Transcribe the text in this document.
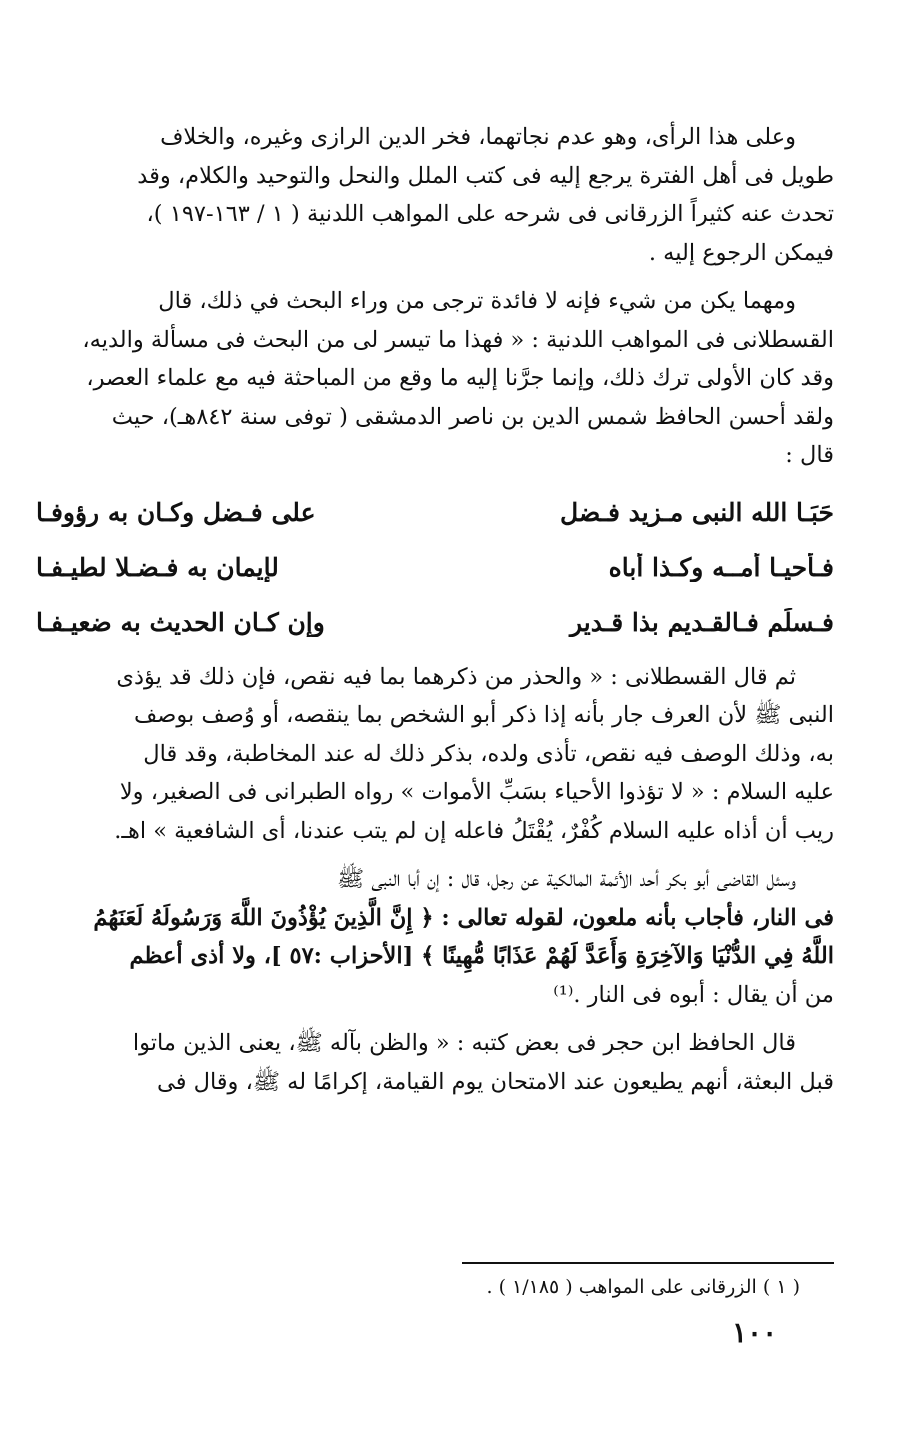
وعلى هذا الرأى، وهو عدم نجاتهما، فخر الدين الرازى وغيره، والخلاف

طويل فى أهل الفترة يرجع إليه فى كتب الملل والنحل والتوحيد والكلام، وقد

تحدث عنه كثيراً الزرقانى فى شرحه على المواهب اللدنية ( ١ / ١٦٣-١٩٧ )،

فيمكن الرجوع إليه .

ومهما يكن من شيء فإنه لا فائدة ترجى من وراء البحث في ذلك، قال

القسطلانى فى المواهب اللدنية : « فهذا ما تيسر لى من البحث فى مسألة والديه،

وقد كان الأولى ترك ذلك، وإنما جرَّنا إليه ما وقع من المباحثة فيه مع علماء العصر،

ولقد أحسن الحافظ شمس الدين بن ناصر الدمشقى ( توفى سنة ٨٤٢هـ)، حيث

قال :

حَبَـا الله النبى مـزيد فـضل
على فـضل وكـان به رؤوفـا
فـأحيـا أمــه وكـذا أباه
لإيمان به فـضـلا لطيـفـا
فـسلِّم فـالقـديم بذا قـدير
وإن كـان الحديث به ضعيـفـا

ثم قال القسطلانى : « والحذر من ذكرهما بما فيه نقص، فإن ذلك قد يؤذى

النبى ﷺ لأن العرف جار بأنه إذا ذكر أبو الشخص بما ينقصه، أو وُصف بوصف

به، وذلك الوصف فيه نقص، تأذى ولده، بذكر ذلك له عند المخاطبة، وقد قال

عليه السلام : « لا تؤذوا الأحياء بسَبِّ الأموات » رواه الطبرانى فى الصغير، ولا

ريب أن أذاه عليه السلام كُفْرٌ، يُقْتَلُ فاعله إن لم يتب عندنا، أى الشافعية » اهـ.

وسئل القاضى أبو بكر أحد الأئمة المالكية عن رجل، قال : إن أبا النبى ﷺ

فى النار، فأجاب بأنه ملعون، لقوله تعالى : ﴿ إِنَّ الَّذِينَ يُؤْذُونَ اللَّهَ وَرَسُولَهُ لَعَنَهُمُ

اللَّهُ فِي الدُّنْيَا وَالآخِرَةِ وَأَعَدَّ لَهُمْ عَذَابًا مُّهِينًا ﴾ [الأحزاب :٥٧ ]، ولا أذى أعظم

من أن يقال : أبوه فى النار .⁽¹⁾

قال الحافظ ابن حجر فى بعض كتبه : « والظن بآله ﷺ، يعنى الذين ماتوا

قبل البعثة، أنهم يطيعون عند الامتحان يوم القيامة، إكرامًا له ﷺ، وقال فى

( ١ ) الزرقانى على المواهب ( ١/١٨٥ ) .
١٠٠
